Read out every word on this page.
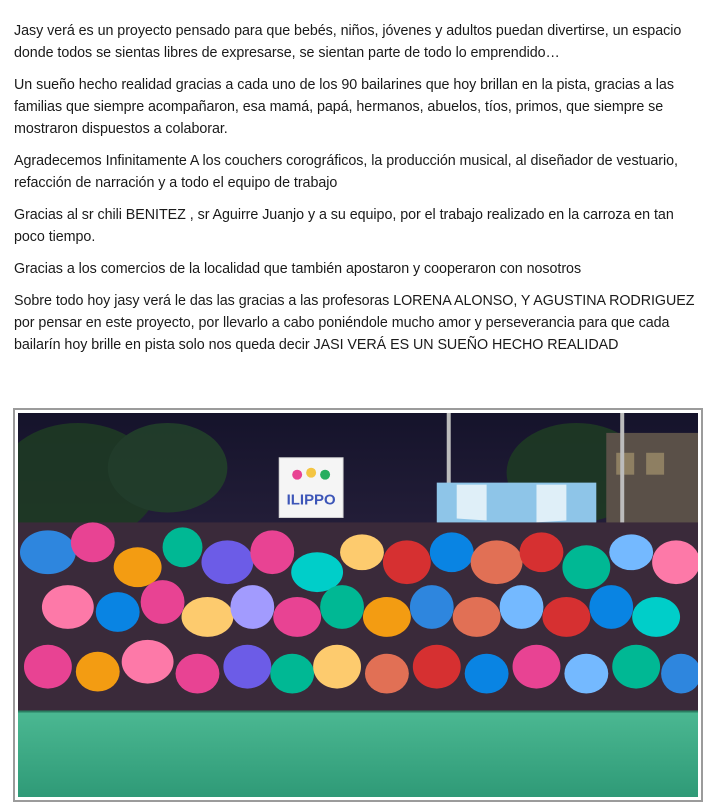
Jasy verá es un proyecto pensado para que bebés, niños, jóvenes y adultos puedan divertirse, un espacio donde todos se sientas libres de expresarse, se sientan parte de todo lo emprendido…

Un sueño hecho realidad gracias a cada uno de los 90 bailarines que hoy brillan en la pista, gracias a las familias que siempre acompañaron, esa mamá, papá, hermanos, abuelos, tíos, primos, que siempre se mostraron dispuestos a colaborar.

Agradecemos Infinitamente A los couchers corográficos, la producción musical, al diseñador de vestuario, refacción de narración y a todo el equipo de trabajo

Gracias al sr chili BENITEZ , sr Aguirre Juanjo y a su equipo, por el trabajo realizado en la carroza en tan poco tiempo.

Gracias a los comercios de la localidad que también apostaron y cooperaron con nosotros

Sobre todo hoy jasy verá le das las gracias a las profesoras LORENA ALONSO, Y AGUSTINA RODRIGUEZ por pensar en este proyecto, por llevarlo a cabo poniéndole mucho amor y perseverancia para que cada bailarín hoy brille en pista solo nos queda decir JASI VERÁ ES UN SUEÑO HECHO REALIDAD

ILIPPO
